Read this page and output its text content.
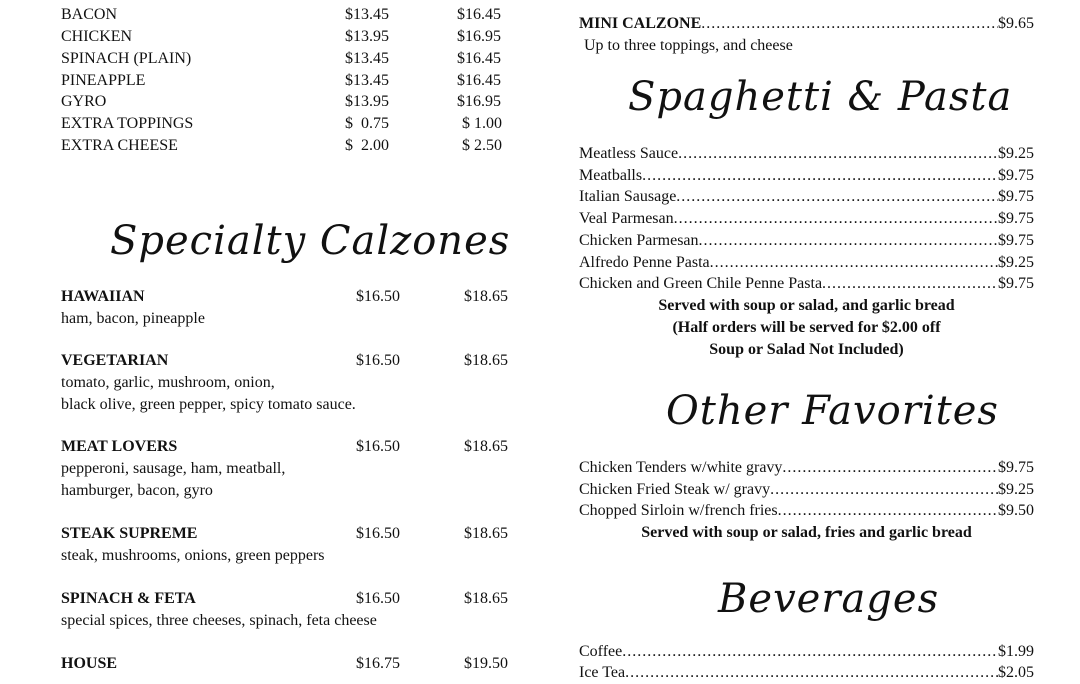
BACON	$13.45	$16.45
CHICKEN	$13.95	$16.95
SPINACH (PLAIN)	$13.45	$16.45
PINEAPPLE	$13.45	$16.45
GYRO	$13.95	$16.95
EXTRA TOPPINGS	$  0.75	$ 1.00
EXTRA CHEESE	$  2.00	$ 2.50
Specialty Calzones
HAWAIIAN	$16.50	$18.65
ham, bacon, pineapple
VEGETARIAN	$16.50	$18.65
tomato, garlic, mushroom, onion,
black olive, green pepper, spicy tomato sauce.
MEAT LOVERS	$16.50	$18.65
pepperoni, sausage, ham, meatball,
hamburger, bacon, gyro
STEAK SUPREME	$16.50	$18.65
steak, mushrooms, onions, green peppers
SPINACH & FETA	$16.50	$18.65
special spices, three cheeses, spinach, feta cheese
HOUSE	$16.75	$19.50
MINI CALZONE .....	$9.65
Up to three toppings, and cheese
Spaghetti & Pasta
Meatless Sauce .....	$9.25
Meatballs .....	$9.75
Italian Sausage .....	$9.75
Veal Parmesan .....	$9.75
Chicken Parmesan .....	$9.75
Alfredo Penne Pasta .....	$9.25
Chicken and Green Chile Penne Pasta .....	$9.75
Served with soup or salad, and garlic bread
(Half orders will be served for $2.00 off
Soup or Salad Not Included)
Other Favorites
Chicken Tenders w/white gravy .....	$9.75
Chicken Fried Steak w/ gravy .....	$9.25
Chopped Sirloin w/french fries .....	$9.50
Served with soup or salad, fries and garlic bread
Beverages
Coffee .....	$1.99
Ice Tea .....	$2.05
